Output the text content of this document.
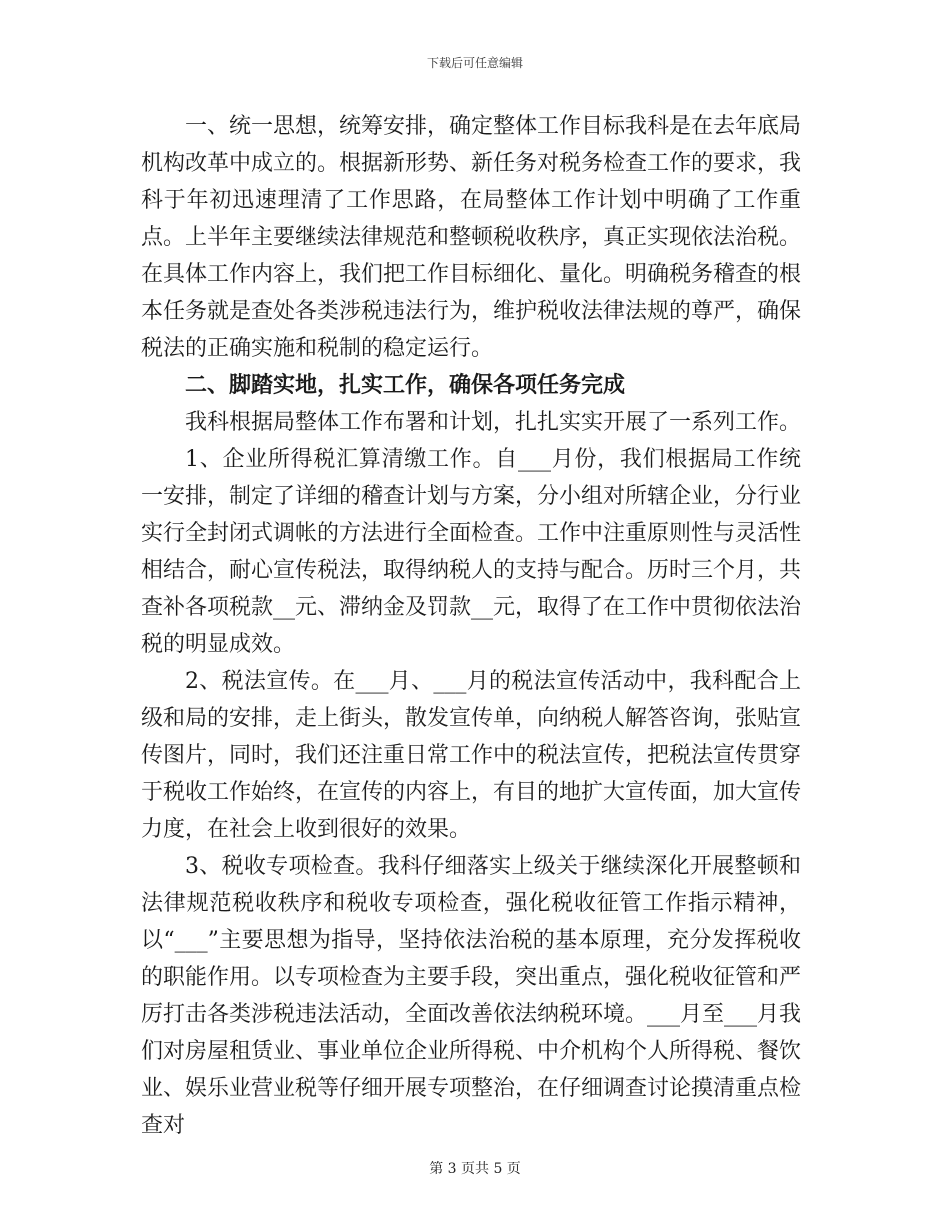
下载后可任意编辑

一、统一思想，统筹安排，确定整体工作目标我科是在去年底局机构改革中成立的。根据新形势、新任务对税务检查工作的要求，我科于年初迅速理清了工作思路，在局整体工作计划中明确了工作重点。上半年主要继续法律规范和整顿税收秩序，真正实现依法治税。在具体工作内容上，我们把工作目标细化、量化。明确税务稽查的根本任务就是查处各类涉税违法行为，维护税收法律法规的尊严，确保税法的正确实施和税制的稳定运行。

二、脚踏实地，扎实工作，确保各项任务完成

我科根据局整体工作布署和计划，扎扎实实开展了一系列工作。

1、企业所得税汇算清缴工作。自___月份，我们根据局工作统一安排，制定了详细的稽查计划与方案，分小组对所辖企业，分行业实行全封闭式调帐的方法进行全面检查。工作中注重原则性与灵活性相结合，耐心宣传税法，取得纳税人的支持与配合。历时三个月，共查补各项税款__元、滞纳金及罚款__元，取得了在工作中贯彻依法治税的明显成效。

2、税法宣传。在___月、___月的税法宣传活动中，我科配合上级和局的安排，走上街头，散发宣传单，向纳税人解答咨询，张贴宣传图片，同时，我们还注重日常工作中的税法宣传，把税法宣传贯穿于税收工作始终，在宣传的内容上，有目的地扩大宣传面，加大宣传力度，在社会上收到很好的效果。

3、税收专项检查。我科仔细落实上级关于继续深化开展整顿和法律规范税收秩序和税收专项检查，强化税收征管工作指示精神，以“___”主要思想为指导，坚持依法治税的基本原理，充分发挥税收的职能作用。以专项检查为主要手段，突出重点，强化税收征管和严厉打击各类涉税违法活动，全面改善依法纳税环境。___月至___月我们对房屋租赁业、事业单位企业所得税、中介机构个人所得税、餐饮业、娱乐业营业税等仔细开展专项整治，在仔细调查讨论摸清重点检查对

第 3 页共 5 页
